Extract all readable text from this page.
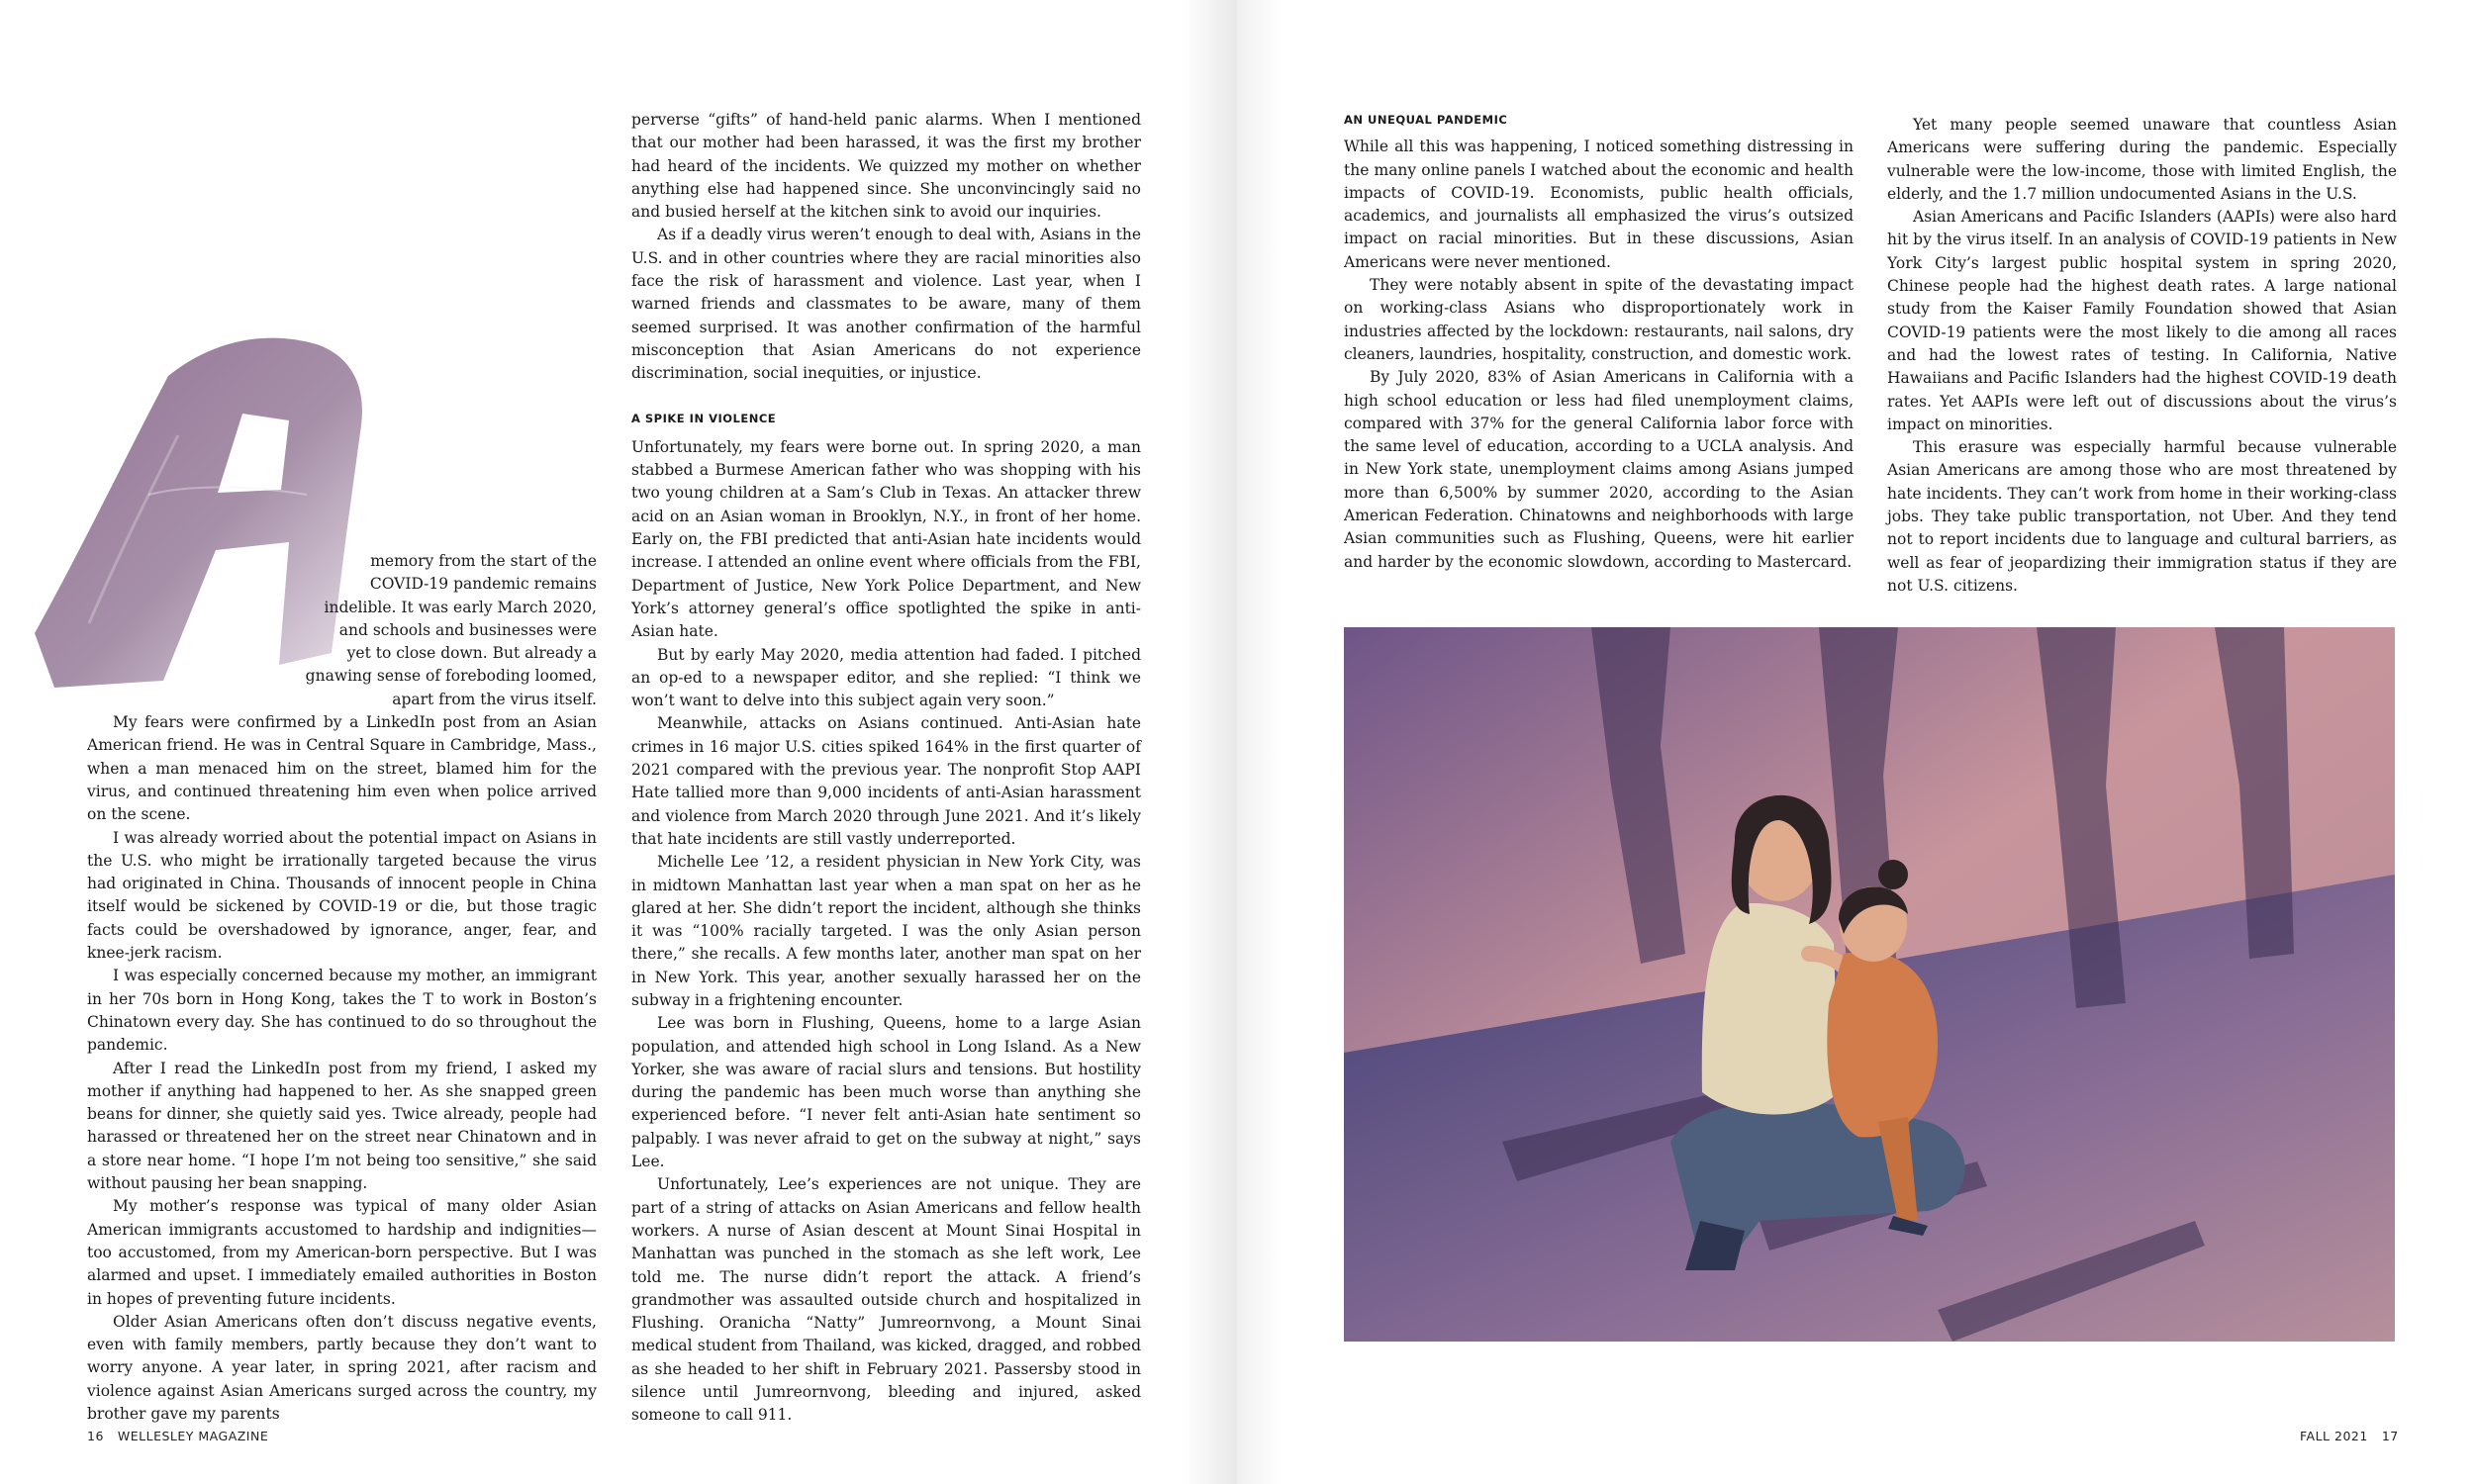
memory from the start of the
COVID-19 pandemic remains
indelible. It was early March 2020,
and schools and businesses were
yet to close down. But already a
gnawing sense of foreboding loomed,
apart from the virus itself.

My fears were confirmed by a LinkedIn post from an Asian American friend. He was in Central Square in Cambridge, Mass., when a man menaced him on the street, blamed him for the virus, and continued threatening him even when police arrived on the scene.

I was already worried about the potential impact on Asians in the U.S. who might be irrationally targeted because the virus had originated in China. Thousands of innocent people in China itself would be sickened by COVID-19 or die, but those tragic facts could be overshadowed by ignorance, anger, fear, and knee-jerk racism.

I was especially concerned because my mother, an immigrant in her 70s born in Hong Kong, takes the T to work in Boston’s Chinatown every day. She has continued to do so throughout the pandemic.

After I read the LinkedIn post from my friend, I asked my mother if anything had happened to her. As she snapped green beans for dinner, she quietly said yes. Twice already, people had harassed or threatened her on the street near Chinatown and in a store near home. “I hope I’m not being too sensitive,” she said without pausing her bean snapping.

My mother’s response was typical of many older Asian American immigrants accustomed to hardship and indignities—too accustomed, from my American-born perspective. But I was alarmed and upset. I immediately emailed authorities in Boston in hopes of preventing future incidents.

Older Asian Americans often don’t discuss negative events, even with family members, partly because they don’t want to worry anyone. A year later, in spring 2021, after racism and violence against Asian Americans surged across the country, my brother gave my parents

perverse “gifts” of hand-held panic alarms. When I mentioned that our mother had been harassed, it was the first my brother had heard of the incidents. We quizzed my mother on whether anything else had happened since. She unconvincingly said no and busied herself at the kitchen sink to avoid our inquiries.

As if a deadly virus weren’t enough to deal with, Asians in the U.S. and in other countries where they are racial minorities also face the risk of harassment and violence. Last year, when I warned friends and classmates to be aware, many of them seemed surprised. It was another confirmation of the harmful misconception that Asian Americans do not experience discrimination, social inequities, or injustice.

A SPIKE IN VIOLENCE

Unfortunately, my fears were borne out. In spring 2020, a man stabbed a Burmese American father who was shopping with his two young children at a Sam’s Club in Texas. An attacker threw acid on an Asian woman in Brooklyn, N.Y., in front of her home. Early on, the FBI predicted that anti-Asian hate incidents would increase. I attended an online event where officials from the FBI, Department of Justice, New York Police Department, and New York’s attorney general’s office spotlighted the spike in anti-Asian hate.

But by early May 2020, media attention had faded. I pitched an op-ed to a newspaper editor, and she replied: “I think we won’t want to delve into this subject again very soon.”

Meanwhile, attacks on Asians continued. Anti-Asian hate crimes in 16 major U.S. cities spiked 164% in the first quarter of 2021 compared with the previous year. The nonprofit Stop AAPI Hate tallied more than 9,000 incidents of anti-Asian harassment and violence from March 2020 through June 2021. And it’s likely that hate incidents are still vastly underreported.

Michelle Lee ’12, a resident physician in New York City, was in midtown Manhattan last year when a man spat on her as he glared at her. She didn’t report the incident, although she thinks it was “100% racially targeted. I was the only Asian person there,” she recalls. A few months later, another man spat on her in New York. This year, another sexually harassed her on the subway in a frightening encounter.

Lee was born in Flushing, Queens, home to a large Asian population, and attended high school in Long Island. As a New Yorker, she was aware of racial slurs and tensions. But hostility during the pandemic has been much worse than anything she experienced before. “I never felt anti-Asian hate sentiment so palpably. I was never afraid to get on the subway at night,” says Lee.

Unfortunately, Lee’s experiences are not unique. They are part of a string of attacks on Asian Americans and fellow health workers. A nurse of Asian descent at Mount Sinai Hospital in Manhattan was punched in the stomach as she left work, Lee told me. The nurse didn’t report the attack. A friend’s grandmother was assaulted outside church and hospitalized in Flushing. Oranicha “Natty” Jumreornvong, a Mount Sinai medical student from Thailand, was kicked, dragged, and robbed as she headed to her shift in February 2021. Passersby stood in silence until Jumreornvong, bleeding and injured, asked someone to call 911.

16 WELLESLEY MAGAZINE
AN UNEQUAL PANDEMIC

While all this was happening, I noticed something distressing in the many online panels I watched about the economic and health impacts of COVID-19. Economists, public health officials, academics, and journalists all emphasized the virus’s outsized impact on racial minorities. But in these discussions, Asian Americans were never mentioned.

They were notably absent in spite of the devastating impact on working-class Asians who disproportionately work in industries affected by the lockdown: restaurants, nail salons, dry cleaners, laundries, hospitality, construction, and domestic work.

By July 2020, 83% of Asian Americans in California with a high school education or less had filed unemployment claims, compared with 37% for the general California labor force with the same level of education, according to a UCLA analysis. And in New York state, unemployment claims among Asians jumped more than 6,500% by summer 2020, according to the Asian American Federation. Chinatowns and neighborhoods with large Asian communities such as Flushing, Queens, were hit earlier and harder by the economic slowdown, according to Mastercard.

Yet many people seemed unaware that countless Asian Americans were suffering during the pandemic. Especially vulnerable were the low-income, those with limited English, the elderly, and the 1.7 million undocumented Asians in the U.S.

Asian Americans and Pacific Islanders (AAPIs) were also hard hit by the virus itself. In an analysis of COVID-19 patients in New York City’s largest public hospital system in spring 2020, Chinese people had the highest death rates. A large national study from the Kaiser Family Foundation showed that Asian COVID-19 patients were the most likely to die among all races and had the lowest rates of testing. In California, Native Hawaiians and Pacific Islanders had the highest COVID-19 death rates. Yet AAPIs were left out of discussions about the virus’s impact on minorities.

This erasure was especially harmful because vulnerable Asian Americans are among those who are most threatened by hate incidents. They can’t work from home in their working-class jobs. They take public transportation, not Uber. And they tend not to report incidents due to language and cultural barriers, as well as fear of jeopardizing their immigration status if they are not U.S. citizens.

FALL 2021 17
